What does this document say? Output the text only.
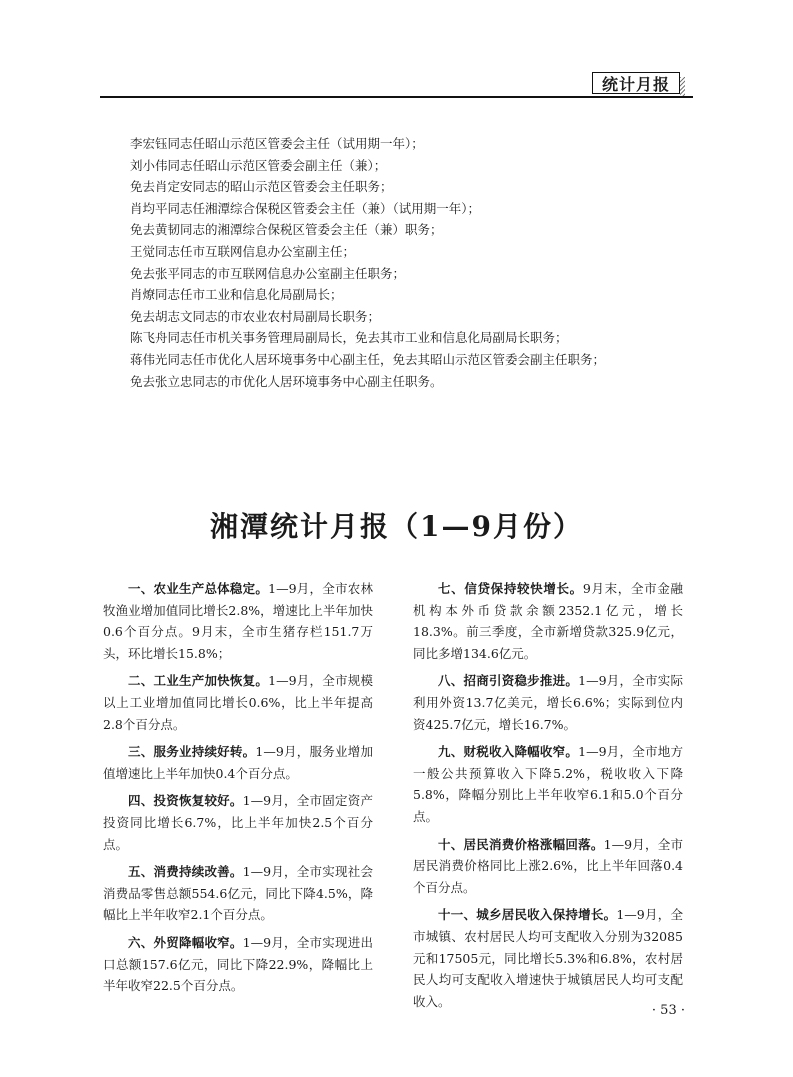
统计月报
李宏钰同志任昭山示范区管委会主任（试用期一年）；
刘小伟同志任昭山示范区管委会副主任（兼）；
免去肖定安同志的昭山示范区管委会主任职务；
肖均平同志任湘潭综合保税区管委会主任（兼）（试用期一年）；
免去黄韧同志的湘潭综合保税区管委会主任（兼）职务；
王觉同志任市互联网信息办公室副主任；
免去张平同志的市互联网信息办公室副主任职务；
肖燎同志任市工业和信息化局副局长；
免去胡志文同志的市农业农村局副局长职务；
陈飞舟同志任市机关事务管理局副局长，免去其市工业和信息化局副局长职务；
蒋伟光同志任市优化人居环境事务中心副主任，免去其昭山示范区管委会副主任职务；
免去张立忠同志的市优化人居环境事务中心副主任职务。
湘潭统计月报（1—9月份）

一、农业生产总体稳定。1—9月，全市农林牧渔业增加值同比增长2.8%，增速比上半年加快0.6个百分点。9月末，全市生猪存栏151.7万头，环比增长15.8%；

二、工业生产加快恢复。1—9月，全市规模以上工业增加值同比增长0.6%，比上半年提高2.8个百分点。

三、服务业持续好转。1—9月，服务业增加值增速比上半年加快0.4个百分点。

四、投资恢复较好。1—9月，全市固定资产投资同比增长6.7%，比上半年加快2.5个百分点。

五、消费持续改善。1—9月，全市实现社会消费品零售总额554.6亿元，同比下降4.5%，降幅比上半年收窄2.1个百分点。

六、外贸降幅收窄。1—9月，全市实现进出口总额157.6亿元，同比下降22.9%，降幅比上半年收窄22.5个百分点。

七、信贷保持较快增长。9月末，全市金融机构本外币贷款余额2352.1亿元，增长18.3%。前三季度，全市新增贷款325.9亿元，同比多增134.6亿元。

八、招商引资稳步推进。1—9月，全市实际利用外资13.7亿美元，增长6.6%；实际到位内资425.7亿元，增长16.7%。

九、财税收入降幅收窄。1—9月，全市地方一般公共预算收入下降5.2%，税收收入下降5.8%，降幅分别比上半年收窄6.1和5.0个百分点。

十、居民消费价格涨幅回落。1—9月，全市居民消费价格同比上涨2.6%，比上半年回落0.4个百分点。

十一、城乡居民收入保持增长。1—9月，全市城镇、农村居民人均可支配收入分别为32085元和17505元，同比增长5.3%和6.8%，农村居民人均可支配收入增速快于城镇居民人均可支配收入。

· 53 ·
